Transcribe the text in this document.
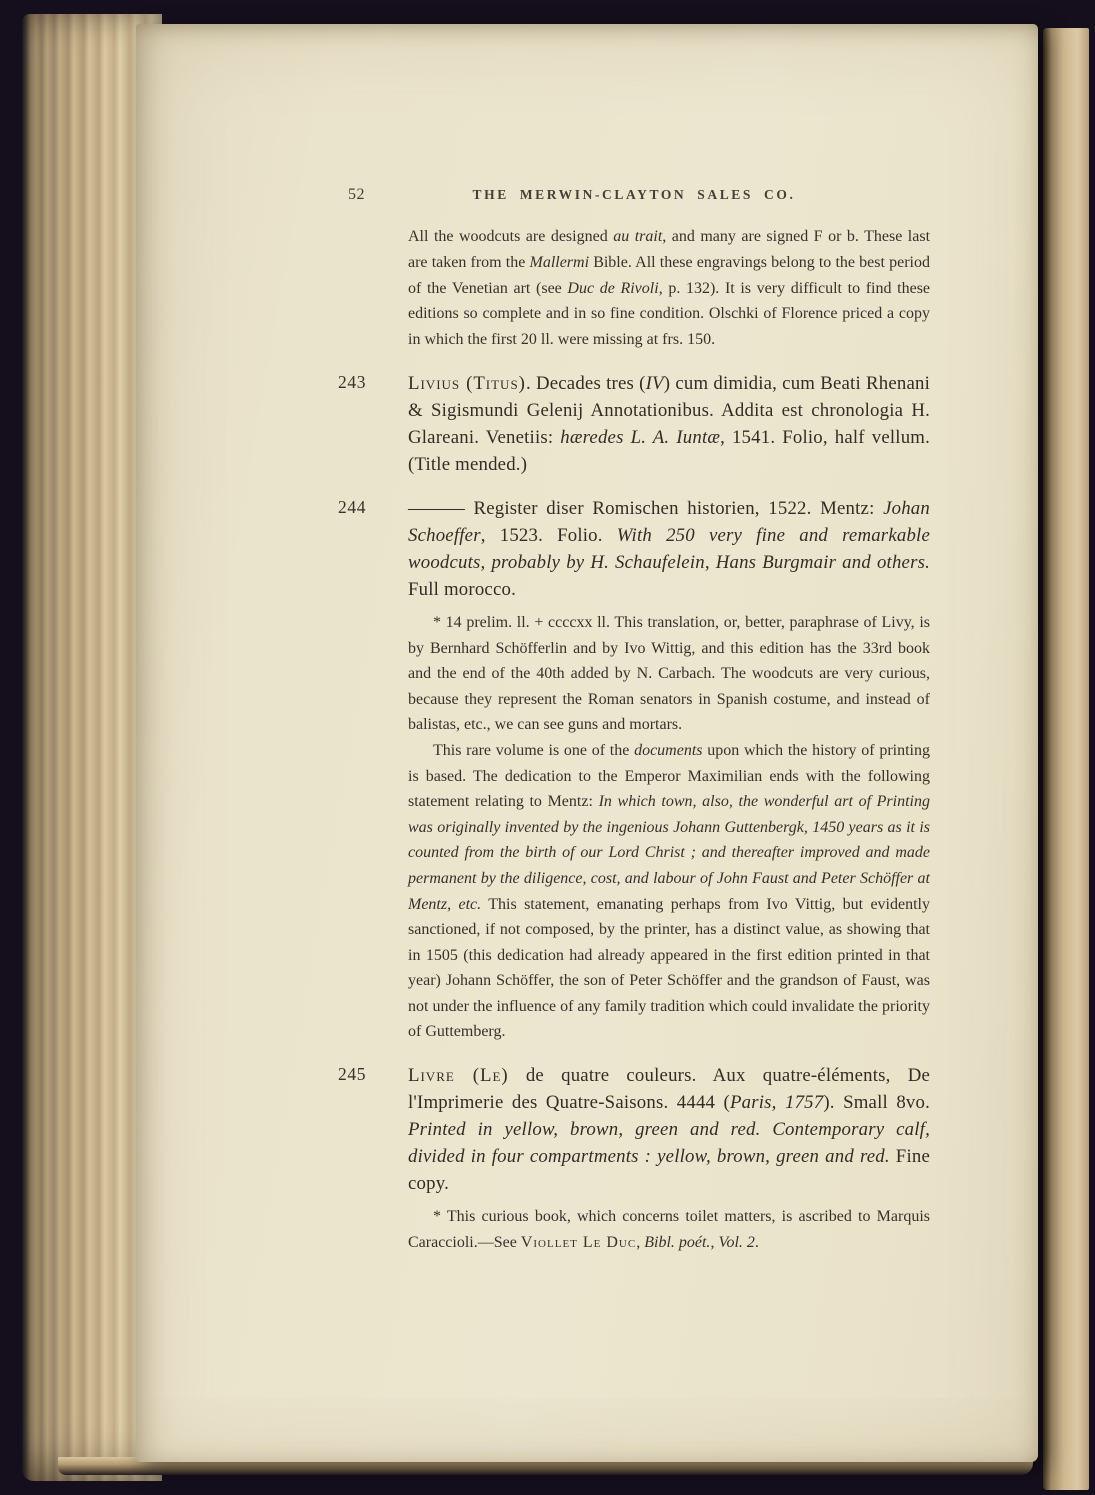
52	THE MERWIN-CLAYTON SALES CO.
All the woodcuts are designed au trait, and many are signed F or b. These last are taken from the Mallermi Bible. All these engravings belong to the best period of the Venetian art (see Duc de Rivoli, p. 132). It is very difficult to find these editions so complete and in so fine condition. Olschki of Florence priced a copy in which the first 20 ll. were missing at frs. 150.
243 Livius (Titus). Decades tres (IV) cum dimidia, cum Beati Rhenani & Sigismundi Gelenij Annotationibus. Addita est chronologia H. Glareani. Venetiis: hæredes L. A. Iuntæ, 1541. Folio, half vellum. (Title mended.)
244 ——— Register diser Romischen historien, 1522. Mentz: Johan Schoeffer, 1523. Folio. With 250 very fine and remarkable woodcuts, probably by H. Schaufelein, Hans Burgmair and others. Full morocco.
* 14 prelim. ll. + ccccxx ll. This translation, or, better, paraphrase of Livy, is by Bernhard Schöfferlin and by Ivo Wittig, and this edition has the 33rd book and the end of the 40th added by N. Carbach. The woodcuts are very curious, because they represent the Roman senators in Spanish costume, and instead of balistas, etc., we can see guns and mortars.
This rare volume is one of the documents upon which the history of printing is based. The dedication to the Emperor Maximilian ends with the following statement relating to Mentz: In which town, also, the wonderful art of Printing was originally invented by the ingenious Johann Guttenbergk, 1450 years as it is counted from the birth of our Lord Christ ; and thereafter improved and made permanent by the diligence, cost, and labour of John Faust and Peter Schöffer at Mentz, etc. This statement, emanating perhaps from Ivo Vittig, but evidently sanctioned, if not composed, by the printer, has a distinct value, as showing that in 1505 (this dedication had already appeared in the first edition printed in that year) Johann Schöffer, the son of Peter Schöffer and the grandson of Faust, was not under the influence of any family tradition which could invalidate the priority of Guttemberg.
245 Livre (Le) de quatre couleurs. Aux quatre-éléments, De l'Imprimerie des Quatre-Saisons. 4444 (Paris, 1757). Small 8vo. Printed in yellow, brown, green and red. Contemporary calf, divided in four compartments : yellow, brown, green and red. Fine copy.
* This curious book, which concerns toilet matters, is ascribed to Marquis Caraccioli.—See Viollet Le Duc, Bibl. poét., Vol. 2.
